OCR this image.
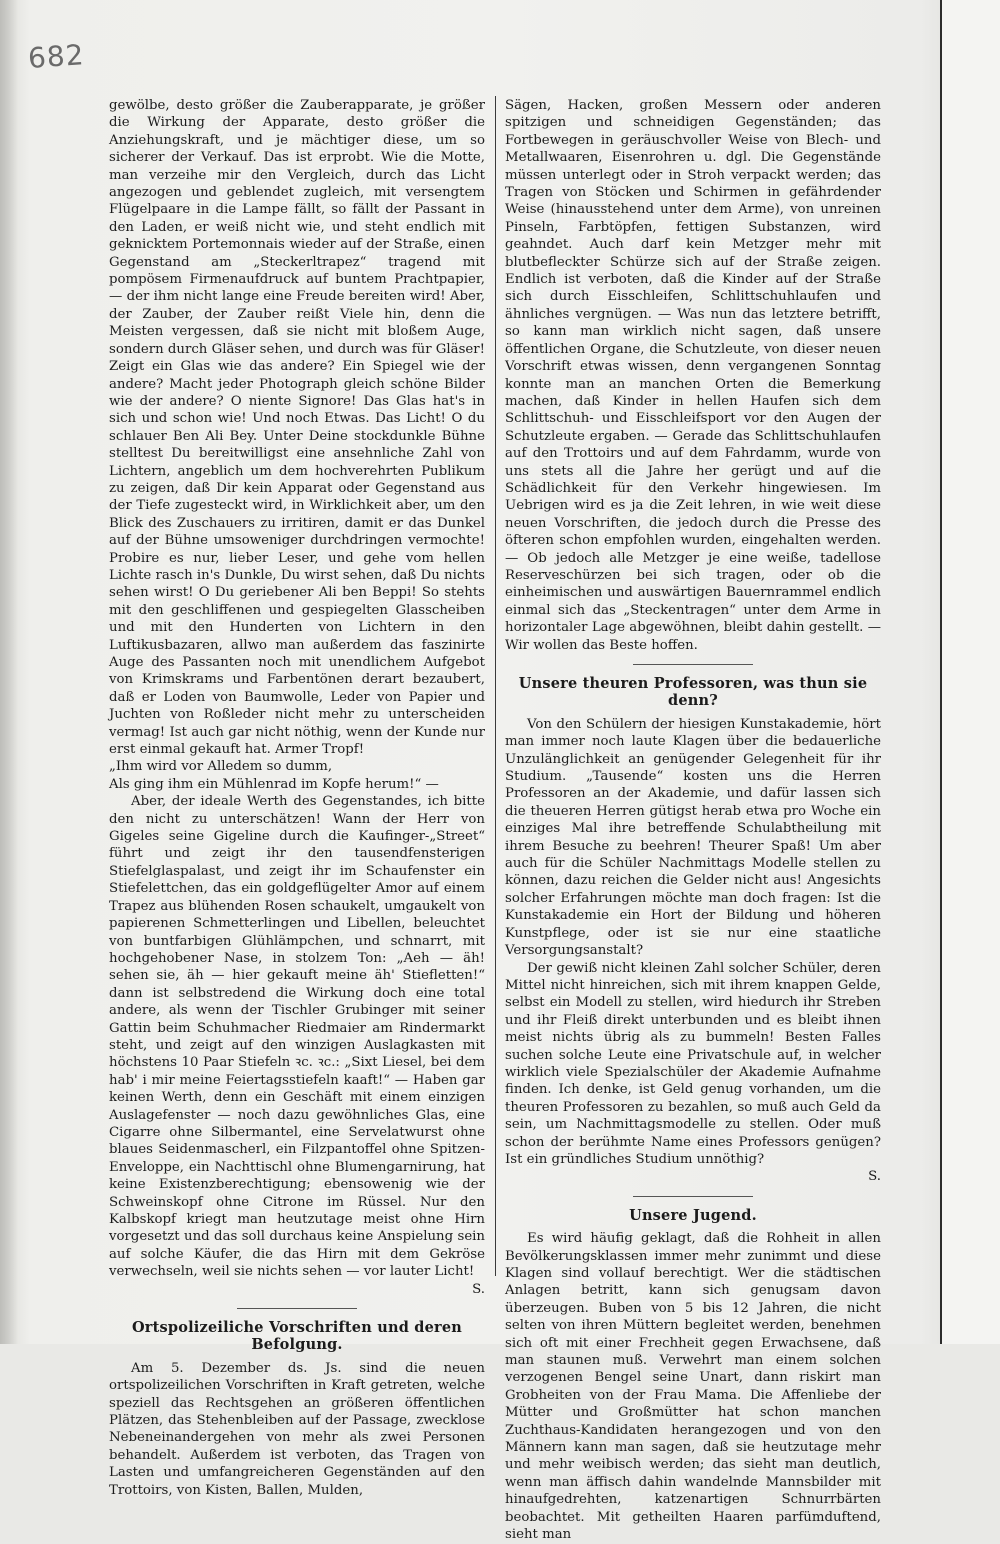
682

gewölbe, desto größer die Zauberapparate, je größer die Wirkung der Apparate, desto größer die Anziehungskraft, und je mächtiger diese, um so sicherer der Verkauf. Das ist erprobt. Wie die Motte, man verzeihe mir den Vergleich, durch das Licht angezogen und geblendet zugleich, mit versengtem Flügelpaare in die Lampe fällt, so fällt der Passant in den Laden, er weiß nicht wie, und steht endlich mit geknicktem Portemonnais wieder auf der Straße, einen Gegenstand am „Steckerltrapez“ tragend mit pompösem Firmenaufdruck auf buntem Prachtpapier, — der ihm nicht lange eine Freude bereiten wird! Aber, der Zauber, der Zauber reißt Viele hin, denn die Meisten vergessen, daß sie nicht mit bloßem Auge, sondern durch Gläser sehen, und durch was für Gläser! Zeigt ein Glas wie das andere? Ein Spiegel wie der andere? Macht jeder Photograph gleich schöne Bilder wie der andere? O niente Signore! Das Glas hat's in sich und schon wie! Und noch Etwas. Das Licht! O du schlauer Ben Ali Bey. Unter Deine stockdunkle Bühne stelltest Du bereitwilligst eine ansehnliche Zahl von Lichtern, angeblich um dem hochverehrten Publikum zu zeigen, daß Dir kein Apparat oder Gegenstand aus der Tiefe zugesteckt wird, in Wirklichkeit aber, um den Blick des Zuschauers zu irritiren, damit er das Dunkel auf der Bühne umsoweniger durchdringen vermochte! Probire es nur, lieber Leser, und gehe vom hellen Lichte rasch in's Dunkle, Du wirst sehen, daß Du nichts sehen wirst! O Du geriebener Ali ben Beppi! So stehts mit den geschliffenen und gespiegelten Glasscheiben und mit den Hunderten von Lichtern in den Luftikusbazaren, allwo man außerdem das faszinirte Auge des Passanten noch mit unendlichem Aufgebot von Krimskrams und Farbentönen derart bezaubert, daß er Loden von Baumwolle, Leder von Papier und Juchten von Roßleder nicht mehr zu unterscheiden vermag! Ist auch gar nicht nöthig, wenn der Kunde nur erst einmal gekauft hat. Armer Tropf!

„Ihm wird vor Alledem so dumm,

Als ging ihm ein Mühlenrad im Kopfe herum!“ —

Aber, der ideale Werth des Gegenstandes, ich bitte den nicht zu unterschätzen! Wann der Herr von Gigeles seine Gigeline durch die Kaufinger-„Street“ führt und zeigt ihr den tausendfensterigen Stiefelglaspalast, und zeigt ihr im Schaufenster ein Stiefelettchen, das ein goldgeflügelter Amor auf einem Trapez aus blühenden Rosen schaukelt, umgaukelt von papierenen Schmetterlingen und Libellen, beleuchtet von buntfarbigen Glühlämpchen, und schnarrt, mit hochgehobener Nase, in stolzem Ton: „Aeh — äh! sehen sie, äh — hier gekauft meine äh' Stiefletten!“ dann ist selbstredend die Wirkung doch eine total andere, als wenn der Tischler Grubinger mit seiner Gattin beim Schuhmacher Riedmaier am Rindermarkt steht, und zeigt auf den winzigen Auslagkasten mit höchstens 10 Paar Stiefeln ꝛc. ꝛc.: „Sixt Liesel, bei dem hab' i mir meine Feiertagsstiefeln kaaft!“ — Haben gar keinen Werth, denn ein Geschäft mit einem einzigen Auslagefenster — noch dazu gewöhnliches Glas, eine Cigarre ohne Silbermantel, eine Servelatwurst ohne blaues Seidenmascherl, ein Filzpantoffel ohne Spitzen-Enveloppe, ein Nachttischl ohne Blumengarnirung, hat keine Existenzberechtigung; ebensowenig wie der Schweinskopf ohne Citrone im Rüssel. Nur den Kalbskopf kriegt man heutzutage meist ohne Hirn vorgesetzt und das soll durchaus keine Anspielung sein auf solche Käufer, die das Hirn mit dem Gekröse verwechseln, weil sie nichts sehen — vor lauter Licht!

S.

Ortspolizeiliche Vorschriften und deren Befolgung.

Am 5. Dezember ds. Js. sind die neuen ortspolizeilichen Vorschriften in Kraft getreten, welche speziell das Rechtsgehen an größeren öffentlichen Plätzen, das Stehenbleiben auf der Passage, zwecklose Nebeneinandergehen von mehr als zwei Personen behandelt. Außerdem ist verboten, das Tragen von Lasten und umfangreicheren Gegenständen auf den Trottoirs, von Kisten, Ballen, Mulden,

Sägen, Hacken, großen Messern oder anderen spitzigen und schneidigen Gegenständen; das Fortbewegen in geräuschvoller Weise von Blech- und Metallwaaren, Eisenrohren u. dgl. Die Gegenstände müssen unterlegt oder in Stroh verpackt werden; das Tragen von Stöcken und Schirmen in gefährdender Weise (hinausstehend unter dem Arme), von unreinen Pinseln, Farbtöpfen, fettigen Substanzen, wird geahndet. Auch darf kein Metzger mehr mit blutbefleckter Schürze sich auf der Straße zeigen. Endlich ist verboten, daß die Kinder auf der Straße sich durch Eisschleifen, Schlittschuhlaufen und ähnliches vergnügen. — Was nun das letztere betrifft, so kann man wirklich nicht sagen, daß unsere öffentlichen Organe, die Schutzleute, von dieser neuen Vorschrift etwas wissen, denn vergangenen Sonntag konnte man an manchen Orten die Bemerkung machen, daß Kinder in hellen Haufen sich dem Schlittschuh- und Eisschleifsport vor den Augen der Schutzleute ergaben. — Gerade das Schlittschuhlaufen auf den Trottoirs und auf dem Fahrdamm, wurde von uns stets all die Jahre her gerügt und auf die Schädlichkeit für den Verkehr hingewiesen. Im Uebrigen wird es ja die Zeit lehren, in wie weit diese neuen Vorschriften, die jedoch durch die Presse des öfteren schon empfohlen wurden, eingehalten werden. — Ob jedoch alle Metzger je eine weiße, tadellose Reserveschürzen bei sich tragen, oder ob die einheimischen und auswärtigen Bauernrammel endlich einmal sich das „Steckentragen“ unter dem Arme in horizontaler Lage abgewöhnen, bleibt dahin gestellt. — Wir wollen das Beste hoffen.

Unsere theuren Professoren, was thun sie denn?

Von den Schülern der hiesigen Kunstakademie, hört man immer noch laute Klagen über die bedauerliche Unzulänglichkeit an genügender Gelegenheit für ihr Studium. „Tausende“ kosten uns die Herren Professoren an der Akademie, und dafür lassen sich die theueren Herren gütigst herab etwa pro Woche ein einziges Mal ihre betreffende Schulabtheilung mit ihrem Besuche zu beehren! Theurer Spaß! Um aber auch für die Schüler Nachmittags Modelle stellen zu können, dazu reichen die Gelder nicht aus! Angesichts solcher Erfahrungen möchte man doch fragen: Ist die Kunstakademie ein Hort der Bildung und höheren Kunstpflege, oder ist sie nur eine staatliche Versorgungsanstalt?

Der gewiß nicht kleinen Zahl solcher Schüler, deren Mittel nicht hinreichen, sich mit ihrem knappen Gelde, selbst ein Modell zu stellen, wird hiedurch ihr Streben und ihr Fleiß direkt unterbunden und es bleibt ihnen meist nichts übrig als zu bummeln! Besten Falles suchen solche Leute eine Privatschule auf, in welcher wirklich viele Spezialschüler der Akademie Aufnahme finden. Ich denke, ist Geld genug vorhanden, um die theuren Professoren zu bezahlen, so muß auch Geld da sein, um Nachmittagsmodelle zu stellen. Oder muß schon der berühmte Name eines Professors genügen? Ist ein gründliches Studium unnöthig?

S.

Unsere Jugend.

Es wird häufig geklagt, daß die Rohheit in allen Bevölkerungsklassen immer mehr zunimmt und diese Klagen sind vollauf berechtigt. Wer die städtischen Anlagen betritt, kann sich genugsam davon überzeugen. Buben von 5 bis 12 Jahren, die nicht selten von ihren Müttern begleitet werden, benehmen sich oft mit einer Frechheit gegen Erwachsene, daß man staunen muß. Verwehrt man einem solchen verzogenen Bengel seine Unart, dann riskirt man Grobheiten von der Frau Mama. Die Affenliebe der Mütter und Großmütter hat schon manchen Zuchthaus-Kandidaten herangezogen und von den Männern kann man sagen, daß sie heutzutage mehr und mehr weibisch werden; das sieht man deutlich, wenn man äffisch dahin wandelnde Mannsbilder mit hinaufgedrehten, katzenartigen Schnurrbärten beobachtet. Mit getheilten Haaren parfümduftend, sieht man
